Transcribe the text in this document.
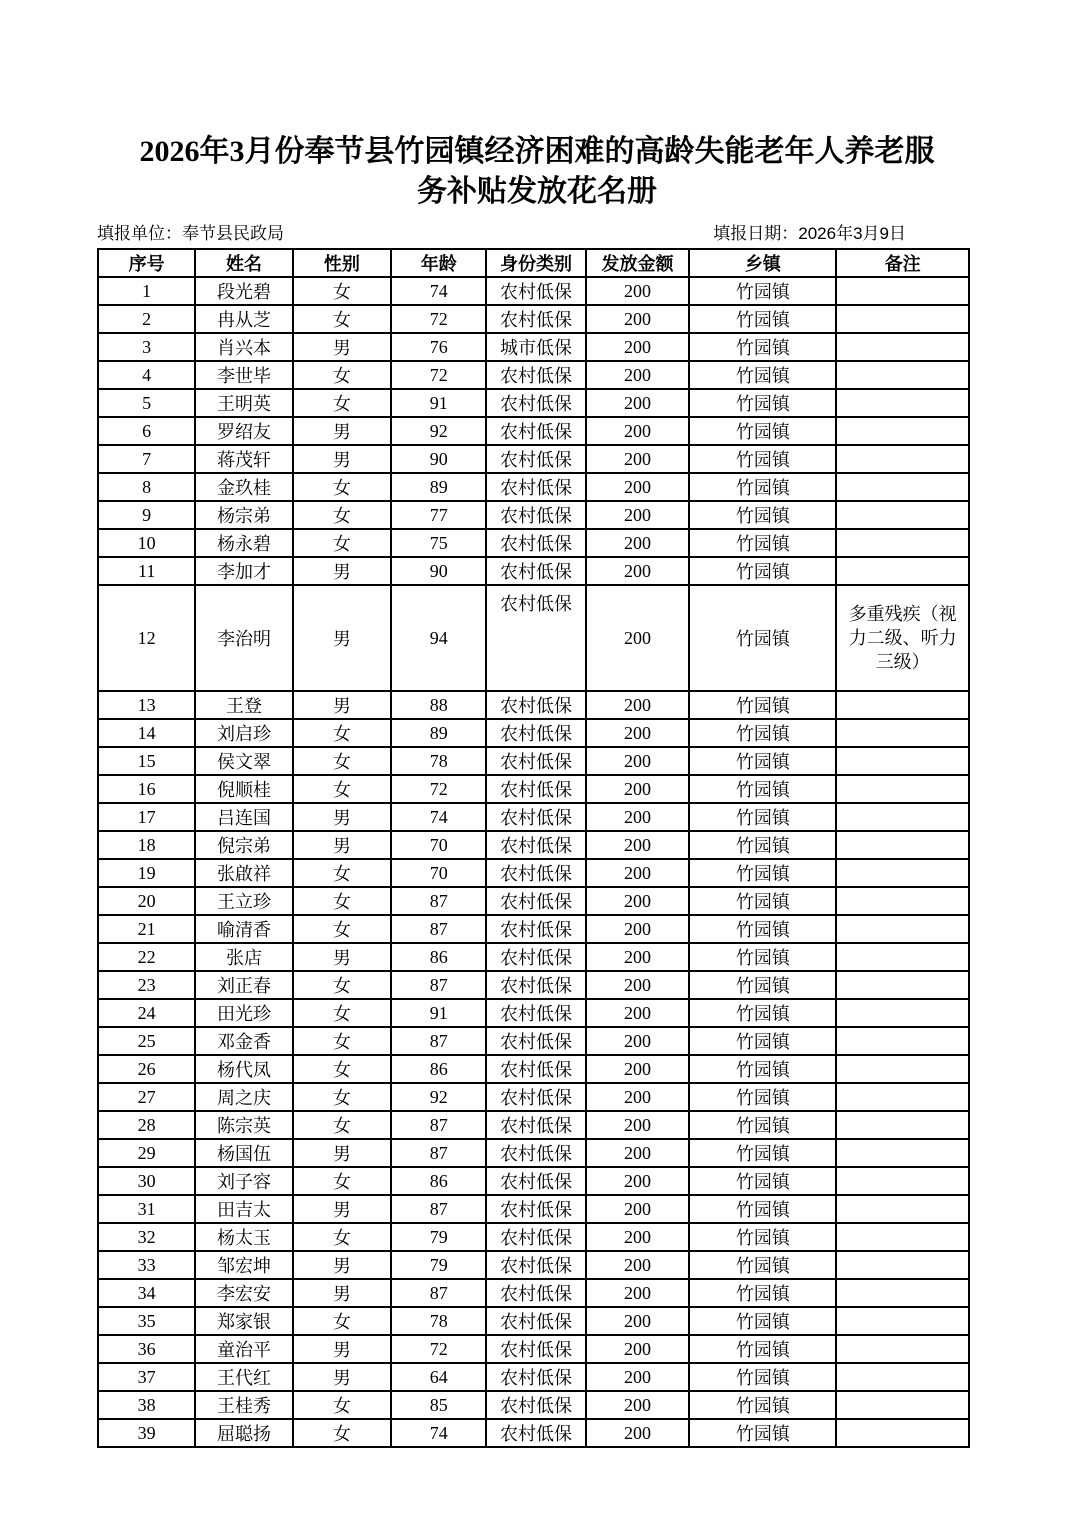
2026年3月份奉节县竹园镇经济困难的高龄失能老年人养老服务补贴发放花名册
填报单位：奉节县民政局	填报日期：2026年3月9日
序号	姓名	性别	年龄	身份类别	发放金额	乡镇	备注
1	段光碧	女	74	农村低保	200	竹园镇	
2	冉从芝	女	72	农村低保	200	竹园镇	
3	肖兴本	男	76	城市低保	200	竹园镇	
4	李世毕	女	72	农村低保	200	竹园镇	
5	王明英	女	91	农村低保	200	竹园镇	
6	罗绍友	男	92	农村低保	200	竹园镇	
7	蒋茂轩	男	90	农村低保	200	竹园镇	
8	金玖桂	女	89	农村低保	200	竹园镇	
9	杨宗弟	女	77	农村低保	200	竹园镇	
10	杨永碧	女	75	农村低保	200	竹园镇	
11	李加才	男	90	农村低保	200	竹园镇	
12	李治明	男	94	农村低保	200	竹园镇	多重残疾（视力二级、听力三级）
13	王登	男	88	农村低保	200	竹园镇	
14	刘启珍	女	89	农村低保	200	竹园镇	
15	侯文翠	女	78	农村低保	200	竹园镇	
16	倪顺桂	女	72	农村低保	200	竹园镇	
17	吕连国	男	74	农村低保	200	竹园镇	
18	倪宗弟	男	70	农村低保	200	竹园镇	
19	张啟祥	女	70	农村低保	200	竹园镇	
20	王立珍	女	87	农村低保	200	竹园镇	
21	喻清香	女	87	农村低保	200	竹园镇	
22	张店	男	86	农村低保	200	竹园镇	
23	刘正春	女	87	农村低保	200	竹园镇	
24	田光珍	女	91	农村低保	200	竹园镇	
25	邓金香	女	87	农村低保	200	竹园镇	
26	杨代凤	女	86	农村低保	200	竹园镇	
27	周之庆	女	92	农村低保	200	竹园镇	
28	陈宗英	女	87	农村低保	200	竹园镇	
29	杨国伍	男	87	农村低保	200	竹园镇	
30	刘子容	女	86	农村低保	200	竹园镇	
31	田吉太	男	87	农村低保	200	竹园镇	
32	杨太玉	女	79	农村低保	200	竹园镇	
33	邹宏坤	男	79	农村低保	200	竹园镇	
34	李宏安	男	87	农村低保	200	竹园镇	
35	郑家银	女	78	农村低保	200	竹园镇	
36	童治平	男	72	农村低保	200	竹园镇	
37	王代红	男	64	农村低保	200	竹园镇	
38	王桂秀	女	85	农村低保	200	竹园镇	
39	屈聪扬	女	74	农村低保	200	竹园镇	
